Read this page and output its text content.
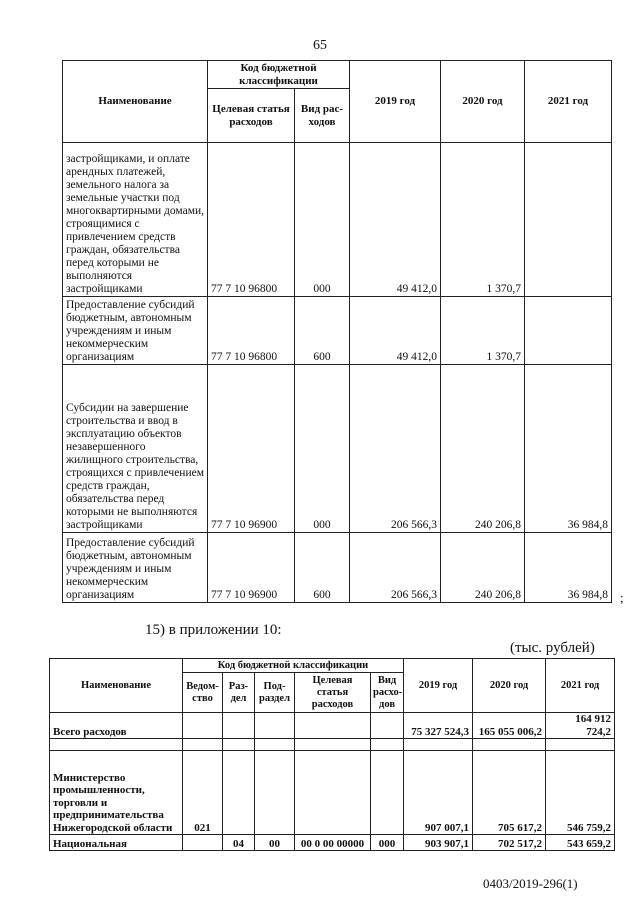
65
Наименование	Код бюджетной классификации		2019 год	2020 год	2021 год
	Целевая статья расходов	Вид рас-ходов			
застройщиками, и оплате арендных платежей, земельного налога за земельные участки под многоквартирными домами, строящимися с привлечением средств граждан, обязательства перед которыми не выполняются застройщиками	77 7 10 96800	000	49 412,0	1 370,7	
Предоставление субсидий бюджетным, автономным учреждениям и иным некоммерческим организациям	77 7 10 96800	600	49 412,0	1 370,7	
Субсидии на завершение строительства и ввод в эксплуатацию объектов незавершенного жилищного строительства, строящихся с привлечением средств граждан, обязательства перед которыми не выполняются застройщиками	77 7 10 96900	000	206 566,3	240 206,8	36 984,8
Предоставление субсидий бюджетным, автономным учреждениям и иным некоммерческим организациям	77 7 10 96900	600	206 566,3	240 206,8	36 984,8 ;
15) в приложении 10:
(тыс. рублей)
Наименование	Код бюджетной классификации					2019 год	2020 год	2021 год
	Ведом-ство	Раз-дел	Под-раздел	Целевая статья расходов	Вид расхо-дов			
Всего расходов						75 327 524,3	165 055 006,2	164 912 724,2

Министерство промышленности, торговли и предпринимательства Нижегородской области	021					907 007,1	705 617,2	546 759,2
Национальная		04	00	00 0 00 00000	000	903 907,1	702 517,2	543 659,2
0403/2019-296(1)
